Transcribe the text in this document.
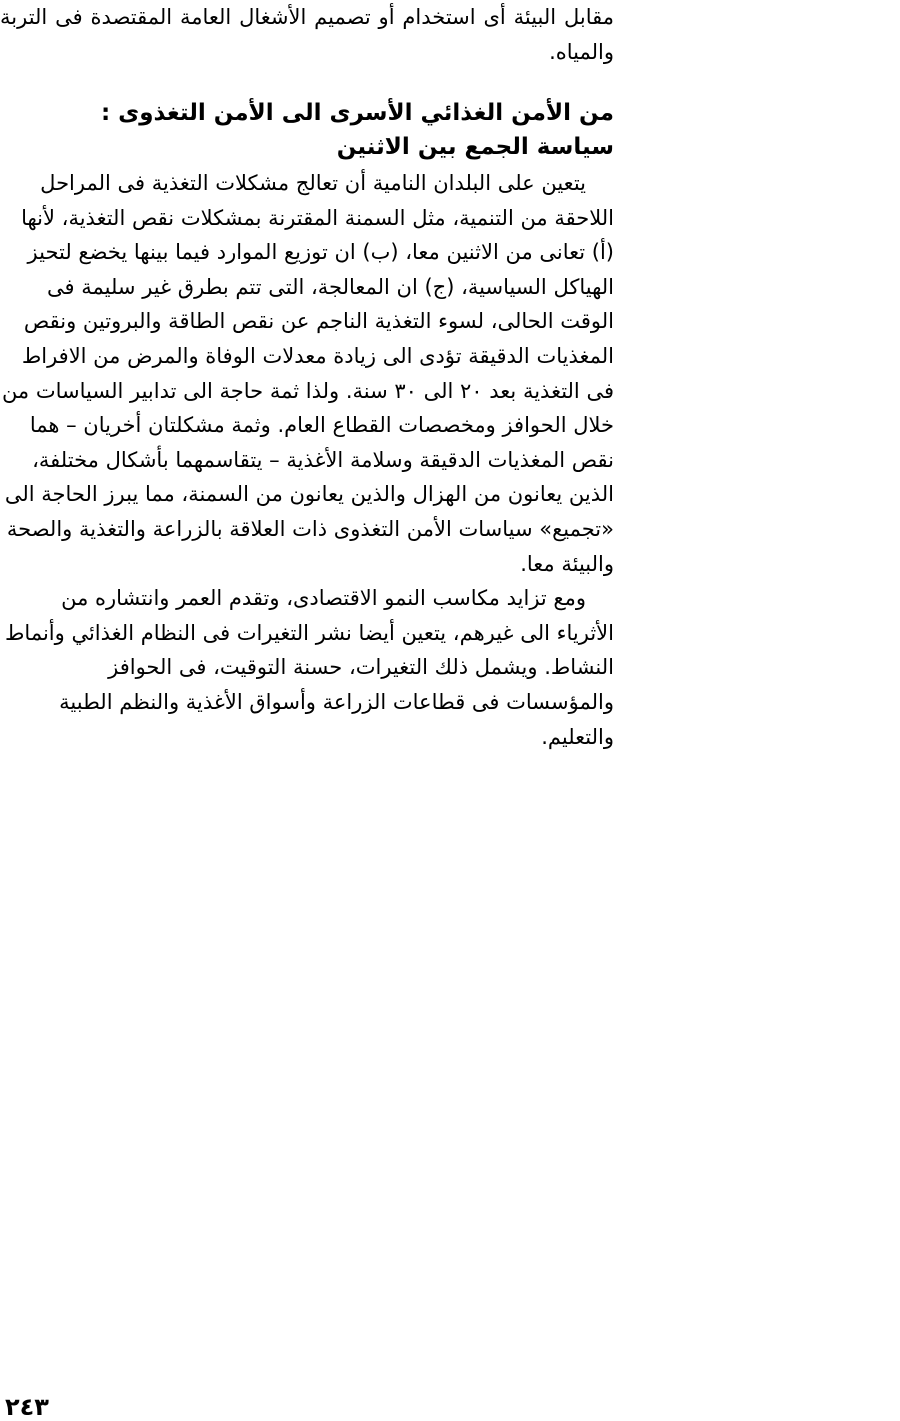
مقابل البيئة أى استخدام أو تصميم الأشغال العامة المقتصدة فى التربة والمياه.

من الأمن الغذائي الأسرى الى الأمن التغذوى :

سياسة الجمع بين الاثنين

يتعين على البلدان النامية أن تعالج مشكلات التغذية فى المراحل اللاحقة من التنمية، مثل السمنة المقترنة بمشكلات نقص التغذية، لأنها (أ) تعانى من الاثنين معا، (ب) ان توزيع الموارد فيما بينها يخضع لتحيز الهياكل السياسية، (ج) ان المعالجة، التى تتم بطرق غير سليمة فى الوقت الحالى، لسوء التغذية الناجم عن نقص الطاقة والبروتين ونقص المغذيات الدقيقة تؤدى الى زيادة معدلات الوفاة والمرض من الافراط فى التغذية بعد ٢٠ الى ٣٠ سنة. ولذا ثمة حاجة الى تدابير السياسات من خلال الحوافز ومخصصات القطاع العام. وثمة مشكلتان أخريان – هما نقص المغذيات الدقيقة وسلامة الأغذية – يتقاسمهما بأشكال مختلفة، الذين يعانون من الهزال والذين يعانون من السمنة، مما يبرز الحاجة الى «تجميع» سياسات الأمن التغذوى ذات العلاقة بالزراعة والتغذية والصحة والبيئة معا.

ومع تزايد مكاسب النمو الاقتصادى، وتقدم العمر وانتشاره من الأثرياء الى غيرهم، يتعين أيضا نشر التغيرات فى النظام الغذائي وأنماط النشاط. ويشمل ذلك التغيرات، حسنة التوقيت، فى الحوافز والمؤسسات فى قطاعات الزراعة وأسواق الأغذية والنظم الطبية والتعليم.

٢٤٣
